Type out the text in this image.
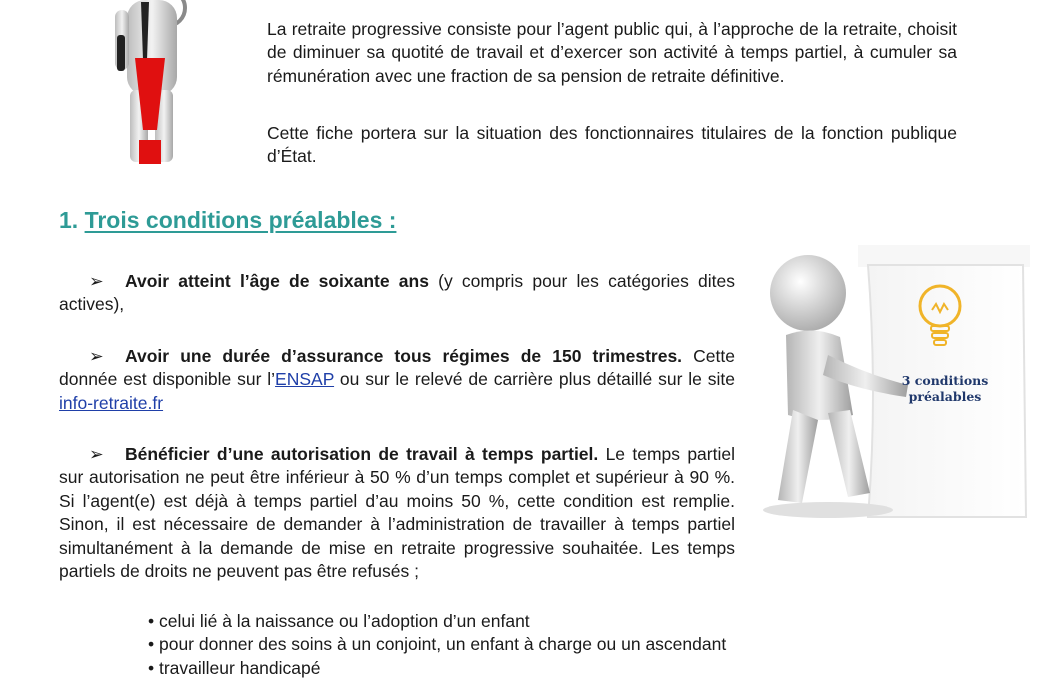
La retraite progressive consiste pour l’agent public qui, à l’approche de la retraite, choisit de diminuer sa quotité de travail et d’exercer son activité à temps partiel, à cumuler sa rémunération avec une fraction de sa pension de retraite définitive.
Cette fiche portera sur la situation des fonctionnaires titulaires de la fonction publique d’État.
1. Trois conditions préalables :
➢ Avoir atteint l’âge de soixante ans (y compris pour les catégories dites actives),
➢ Avoir une durée d’assurance tous régimes de 150 trimestres. Cette donnée est disponible sur l’ENSAP ou sur le relevé de carrière plus détaillé sur le site info-retraite.fr
➢ Bénéficier d’une autorisation de travail à temps partiel. Le temps partiel sur autorisation ne peut être inférieur à 50 % d’un temps complet et supérieur à 90 %. Si l’agent(e) est déjà à temps partiel d’au moins 50 %, cette condition est remplie. Sinon, il est nécessaire de demander à l’administration de travailler à temps partiel simultanément à la demande de mise en retraite progressive souhaitée. Les temps partiels de droits ne peuvent pas être refusés ;
• celui lié à la naissance ou l’adoption d’un enfant
• pour donner des soins à un conjoint, un enfant à charge ou un ascendant
• travailleur handicapé
3 conditions
préalables
